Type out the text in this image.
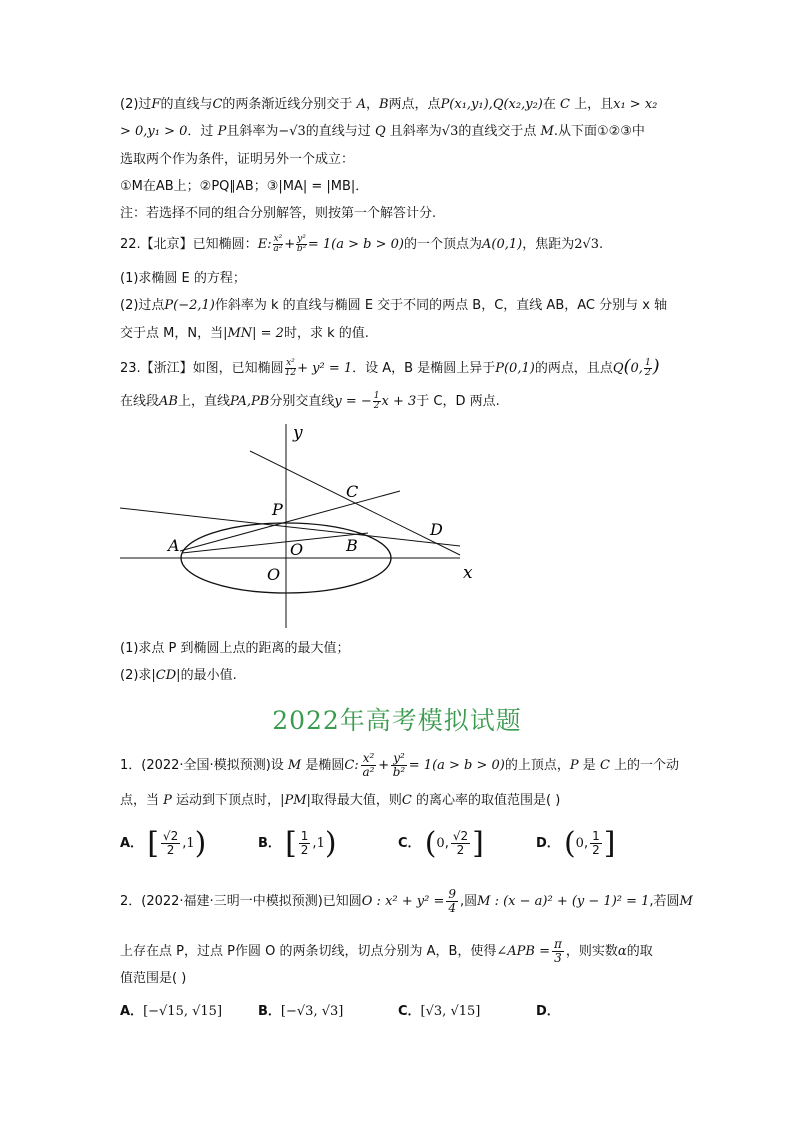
(2)过F的直线与C的两条渐近线分别交于 A，B两点，点P(x₁,y₁),Q(x₂,y₂)在 C 上，且x₁ > x₂
> 0,y₁ > 0．过 P且斜率为−√3的直线与过 Q 且斜率为√3的直线交于点 M.从下面①②③中
选取两个作为条件，证明另外一个成立：
①M在AB上；②PQ∥AB；③|MA| = |MB|．
注：若选择不同的组合分别解答，则按第一个解答计分.
22.【北京】已知椭圆：E: $\frac{\text{x²}}{\text{a²}} + \frac{\text{y²}}{\text{b²}} = 1(a > b > 0)$的一个顶点为A(0,1)，焦距为2√3.
(1)求椭圆 E 的方程；
(2)过点P(−2,1)作斜率为 k 的直线与椭圆 E 交于不同的两点 B，C，直线 AB，AC 分别与 x 轴
交于点 M，N，当|MN| = 2时，求 k 的值.
23.【浙江】如图，已知椭圆 $\frac{\text{x²}}{12} + y^2 = 1$．设 A，B 是椭圆上异于P(0,1)的两点，且点Q(0, $\frac{1}{2}$ )
在线段AB上，直线PA,PB分别交直线y = − $\frac{1}{2}$ x + 3于 C，D 两点.
y
x
P
C
D
A	B
O
O
(1)求点 P 到椭圆上点的距离的最大值；
(2)求|CD|的最小值.
2022年高考模拟试题
1．(2022·全国·模拟预测)设 M 是椭圆C: $\frac{\text{x²}}{\text{a²}} + \frac{\text{y²}}{\text{b²}} = 1(a > b > 0)$的上顶点，P 是 C 上的一个动
点，当 P 运动到下顶点时，|PM|取得最大值，则C 的离心率的取值范围是( )
A． [ $\frac{√2}{2} ,1$)	B． [ $\frac{1}{2} ,1$)	C． (0, $\frac{√2}{2}$ ]	D． (0, $\frac{1}{2}$ ]
2．(2022·福建·三明一中模拟预测)已知圆O : $x^2 + y^2 = \frac{9}{4}$ ,圆M : (x − a)² + (y − 1)² = 1,若圆M
上存在点 P，过点 P作圆 O 的两条切线，切点分别为 A，B，使得∠APB = $\frac{\pi}{3}$ ，则实数α的取
值范围是( )
A．[−√15, √15]	B．[−√3, √3]	C．[√3, √15]	D．
